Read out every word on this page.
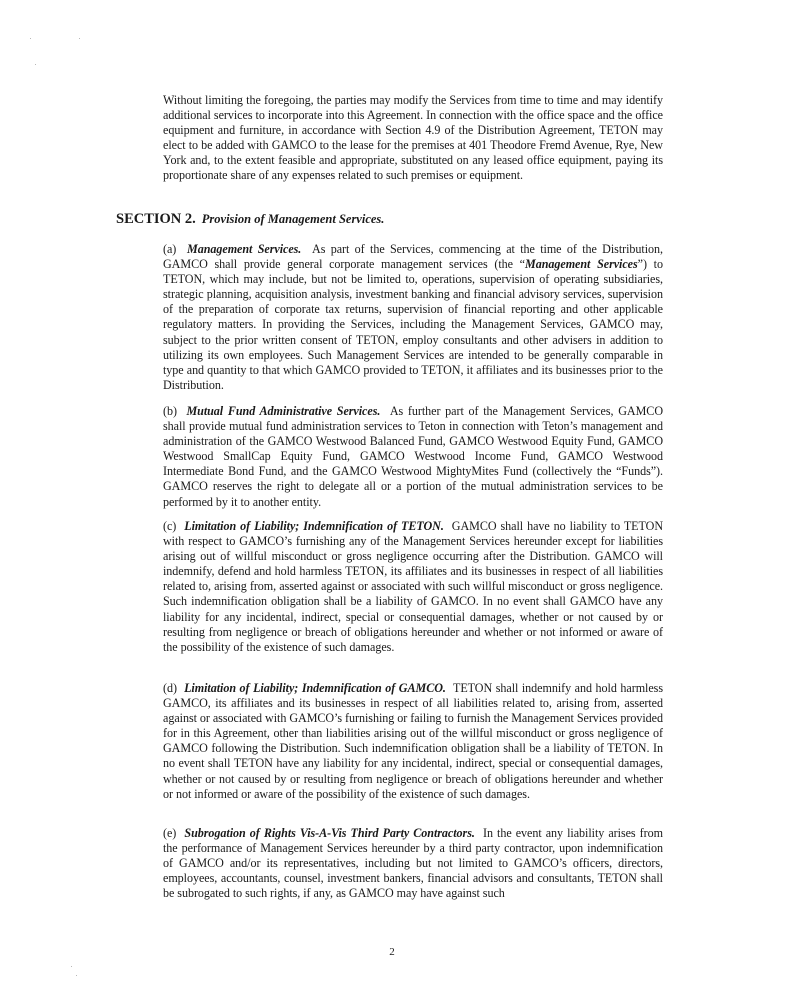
Without limiting the foregoing, the parties may modify the Services from time to time and may identify additional services to incorporate into this Agreement. In connection with the office space and the office equipment and furniture, in accordance with Section 4.9 of the Distribution Agreement, TETON may elect to be added with GAMCO to the lease for the premises at 401 Theodore Fremd Avenue, Rye, New York and, to the extent feasible and appropriate, substituted on any leased office equipment, paying its proportionate share of any expenses related to such premises or equipment.
SECTION 2. Provision of Management Services.
(a) Management Services. As part of the Services, commencing at the time of the Distribution, GAMCO shall provide general corporate management services (the “Management Services”) to TETON, which may include, but not be limited to, operations, supervision of operating subsidiaries, strategic planning, acquisition analysis, investment banking and financial advisory services, supervision of the preparation of corporate tax returns, supervision of financial reporting and other applicable regulatory matters. In providing the Services, including the Management Services, GAMCO may, subject to the prior written consent of TETON, employ consultants and other advisers in addition to utilizing its own employees. Such Management Services are intended to be generally comparable in type and quantity to that which GAMCO provided to TETON, it affiliates and its businesses prior to the Distribution.
(b) Mutual Fund Administrative Services. As further part of the Management Services, GAMCO shall provide mutual fund administration services to Teton in connection with Teton’s management and administration of the GAMCO Westwood Balanced Fund, GAMCO Westwood Equity Fund, GAMCO Westwood SmallCap Equity Fund, GAMCO Westwood Income Fund, GAMCO Westwood Intermediate Bond Fund, and the GAMCO Westwood MightyMites Fund (collectively the “Funds”). GAMCO reserves the right to delegate all or a portion of the mutual administration services to be performed by it to another entity.
(c) Limitation of Liability; Indemnification of TETON. GAMCO shall have no liability to TETON with respect to GAMCO’s furnishing any of the Management Services hereunder except for liabilities arising out of willful misconduct or gross negligence occurring after the Distribution. GAMCO will indemnify, defend and hold harmless TETON, its affiliates and its businesses in respect of all liabilities related to, arising from, asserted against or associated with such willful misconduct or gross negligence. Such indemnification obligation shall be a liability of GAMCO. In no event shall GAMCO have any liability for any incidental, indirect, special or consequential damages, whether or not caused by or resulting from negligence or breach of obligations hereunder and whether or not informed or aware of the possibility of the existence of such damages.
(d) Limitation of Liability; Indemnification of GAMCO. TETON shall indemnify and hold harmless GAMCO, its affiliates and its businesses in respect of all liabilities related to, arising from, asserted against or associated with GAMCO’s furnishing or failing to furnish the Management Services provided for in this Agreement, other than liabilities arising out of the willful misconduct or gross negligence of GAMCO following the Distribution. Such indemnification obligation shall be a liability of TETON. In no event shall TETON have any liability for any incidental, indirect, special or consequential damages, whether or not caused by or resulting from negligence or breach of obligations hereunder and whether or not informed or aware of the possibility of the existence of such damages.
(e) Subrogation of Rights Vis-A-Vis Third Party Contractors. In the event any liability arises from the performance of Management Services hereunder by a third party contractor, upon indemnification of GAMCO and/or its representatives, including but not limited to GAMCO’s officers, directors, employees, accountants, counsel, investment bankers, financial advisors and consultants, TETON shall be subrogated to such rights, if any, as GAMCO may have against such
2
